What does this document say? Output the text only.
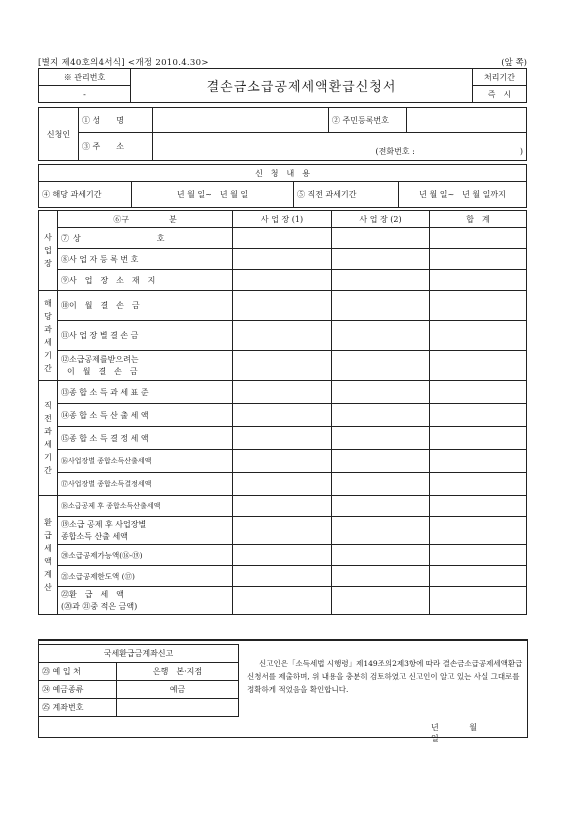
[별지 제40호의4서식] <개정 2010.4.30>	(앞 쪽)
※ 관리번호	결손금소급공제세액환급신청서	처리기간
-		즉　시
신청인	① 성　　명		② 주민등록번호	
	③ 주　　소	(전화번호 : )		
신　청　내　용
④ 해당 과세기간	년 월 일~　년 월 일	⑤ 직전 과세기간	년 월 일~　년 월 일까지
사업장	⑥구　　　　　분	사 업 장 (1)	사 업 장 (2)	합　계
	⑦상　　　　　　호			
	⑧사 업 자 등 록 번 호			
	⑨사　업　장　소　재　지			
해당과세기간	⑩이　월　결　손　금			
	⑪사 업 장 별 결 손 금			

	⑫소급공제를받으려는
이　월　결　손　금			

직전과세기간	⑬종 합 소 득 과 세 표 준			
	⑭종 합 소 득 산 출 세 액			
	⑮종 합 소 득 결 정 세 액			
	⑯사업장별 종합소득산출세액			
	⑰사업장별 종합소득결정세액			
환급세액계산	⑱소급공제 후 종합소득산출세액			

	⑲소급 공제 후 사업장별
종합소득 산출 세액			

	⑳소급공제가능액(⑯-⑲)			
	㉑소급공제한도액 (⑰)			

	㉒환　급　세　액
(⑳과 ㉑중 적은 금액)			

국세환급금계좌신고	
㉓ 예 입 처	은행　본·지점
㉔ 예금종류	예금
㉕ 계좌번호	
신고인은「소득세법 시행령」제149조의2제3항에 따라 결손금소급공제세액환급신청서를 제출하며, 위 내용을 충분히 검토하였고 신고인이 알고 있는 사실 그대로를 정확하게 적었음을 확인합니다.
년 월 일
